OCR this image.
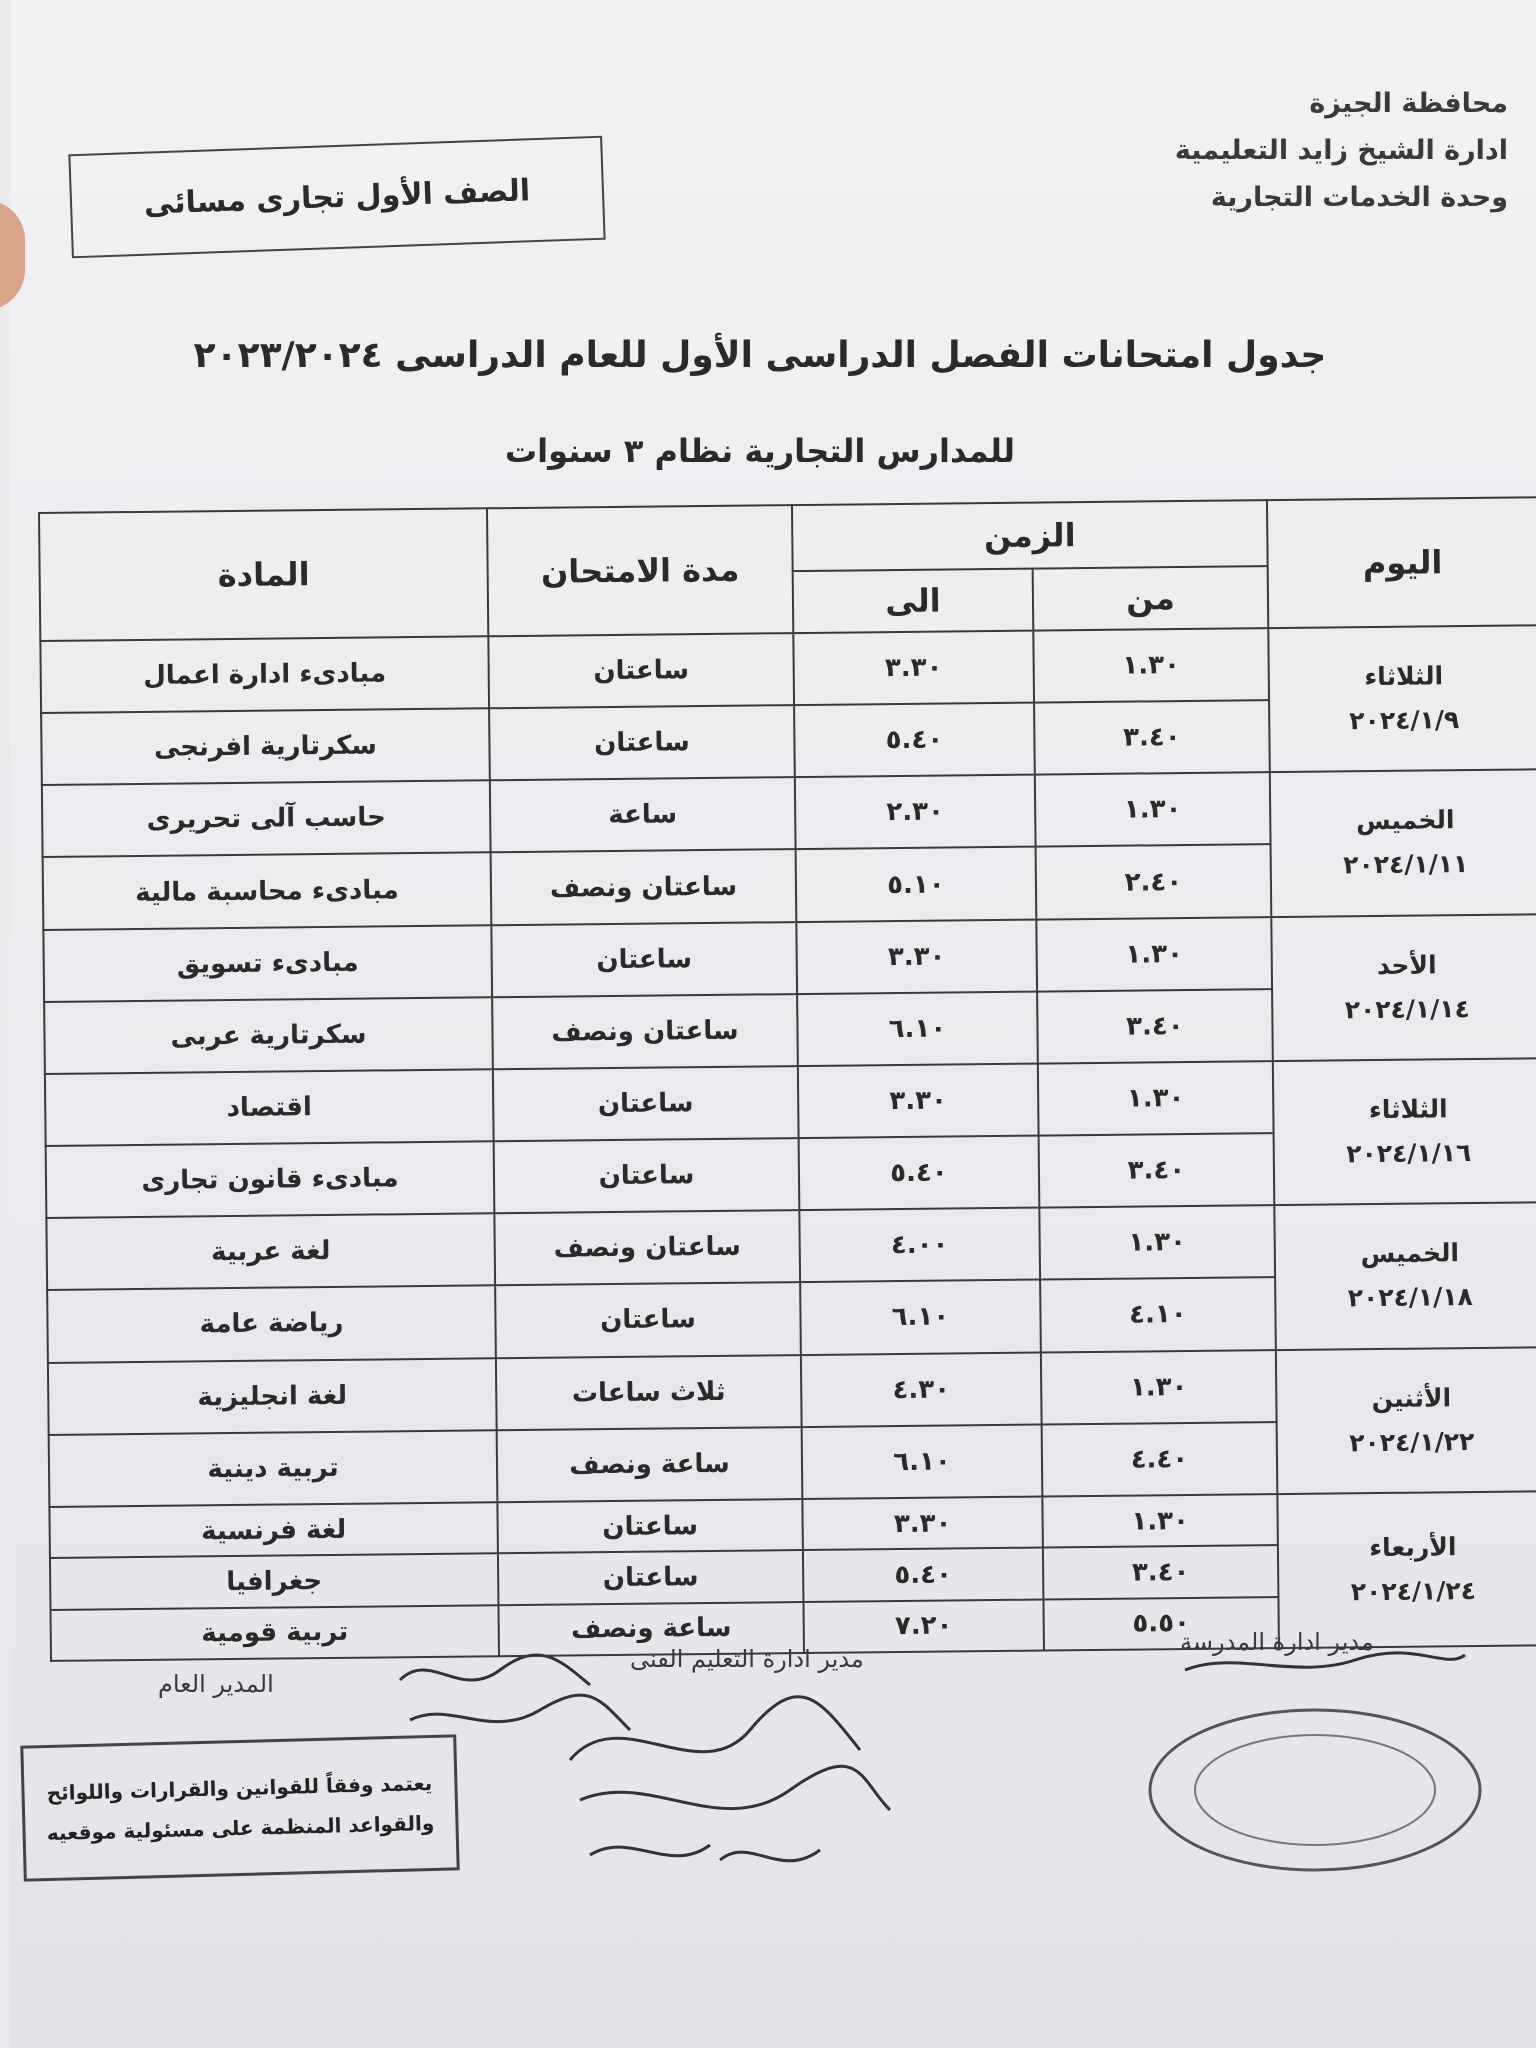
محافظة الجيزة
ادارة الشيخ زايد التعليمية
وحدة الخدمات التجارية
الصف الأول تجارى مسائى
جدول امتحانات الفصل الدراسى الأول للعام الدراسى ٢٠٢٣/٢٠٢٤
للمدارس التجارية نظام ٣ سنوات
اليوم	الزمن		مدة الامتحان	المادة
	من	الى		

الثلاثاء
٢٠٢٤/١/٩	١.٣٠	٣.٣٠	ساعتان	مبادىء ادارة اعمال
	٣.٤٠	٥.٤٠	ساعتان	سكرتارية افرنجى

الخميس
٢٠٢٤/١/١١	١.٣٠	٢.٣٠	ساعة	حاسب آلى تحريرى
	٢.٤٠	٥.١٠	ساعتان ونصف	مبادىء محاسبة مالية

الأحد
٢٠٢٤/١/١٤	١.٣٠	٣.٣٠	ساعتان	مبادىء تسويق
	٣.٤٠	٦.١٠	ساعتان ونصف	سكرتارية عربى

الثلاثاء
٢٠٢٤/١/١٦	١.٣٠	٣.٣٠	ساعتان	اقتصاد
	٣.٤٠	٥.٤٠	ساعتان	مبادىء قانون تجارى

الخميس
٢٠٢٤/١/١٨	١.٣٠	٤.٠٠	ساعتان ونصف	لغة عربية
	٤.١٠	٦.١٠	ساعتان	رياضة عامة

الأثنين
٢٠٢٤/١/٢٢	١.٣٠	٤.٣٠	ثلاث ساعات	لغة انجليزية
	٤.٤٠	٦.١٠	ساعة ونصف	تربية دينية

الأربعاء
٢٠٢٤/١/٢٤	١.٣٠	٣.٣٠	ساعتان	لغة فرنسية
	٣.٤٠	٥.٤٠	ساعتان	جغرافيا
	٥.٥٠	٧.٢٠	ساعة ونصف	تربية قومية	مدير ادارة المدرسة
مدير ادارة التعليم الفنى
المدير العام
يعتمد وفقاً للقوانين والقرارات واللوائح
والقواعد المنظمة على مسئولية موقعيه
